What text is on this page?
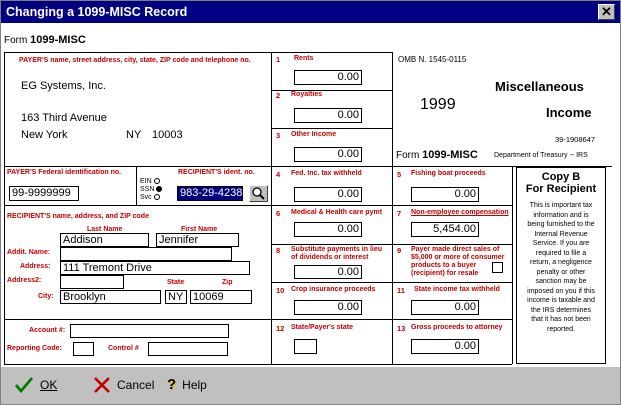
Changing a 1099-MISC Record	✕
Form 1099-MISC
PAYER'S name, street address, city, state, ZIP code and telephone no.
EG Systems, Inc.
163 Third Avenue
New York	NY 10003
1 Rents
0.00
2 Royalties
0.00
3 Other Income
0.00
OMB N. 1545-0115
1999
Form 1099-MISC
Miscellaneous
Income
39-1908647
Department of Treasury -- IRS
PAYER'S Federal identification no.
99-9999999
EIN
SSN
Svc
RECIPIENT'S ident. no.
983-29-4238
RECIPIENT'S name, address, and ZIP code
Last Name	First Name
Addison	Jennifer
Addit. Name:
Address: 111 Tremont Drive
Address2:	State	Zip
City: Brooklyn	NY 10069
Account #:
Reporting Code:	Control #
4 Fed. Inc. tax withheld
0.00
5 Fishing boat proceeds
0.00
6 Medical & Health care pymt
0.00
7 Non-employee compensation
5,454.00
8 Substitute payments in lieu
of dividends or interest
0.00
9 Payer made direct sales of
$5,000 or more of consumer
products to a buyer
(recipient) for resale
10 Crop insurance proceeds
0.00
11 State income tax withheld
0.00
12 State/Payer's state	13 Gross proceeds to attorney
0.00
Copy B
For Recipient
This is important tax
information and is
being furnished to the
Internal Revenue
Service. If you are
required to file a
return, a negligence
penalty or other
sanction may be
imposed on you if this
income is taxable and
the IRS determines
that it has not been
reported.
OK	Cancel ? Help
